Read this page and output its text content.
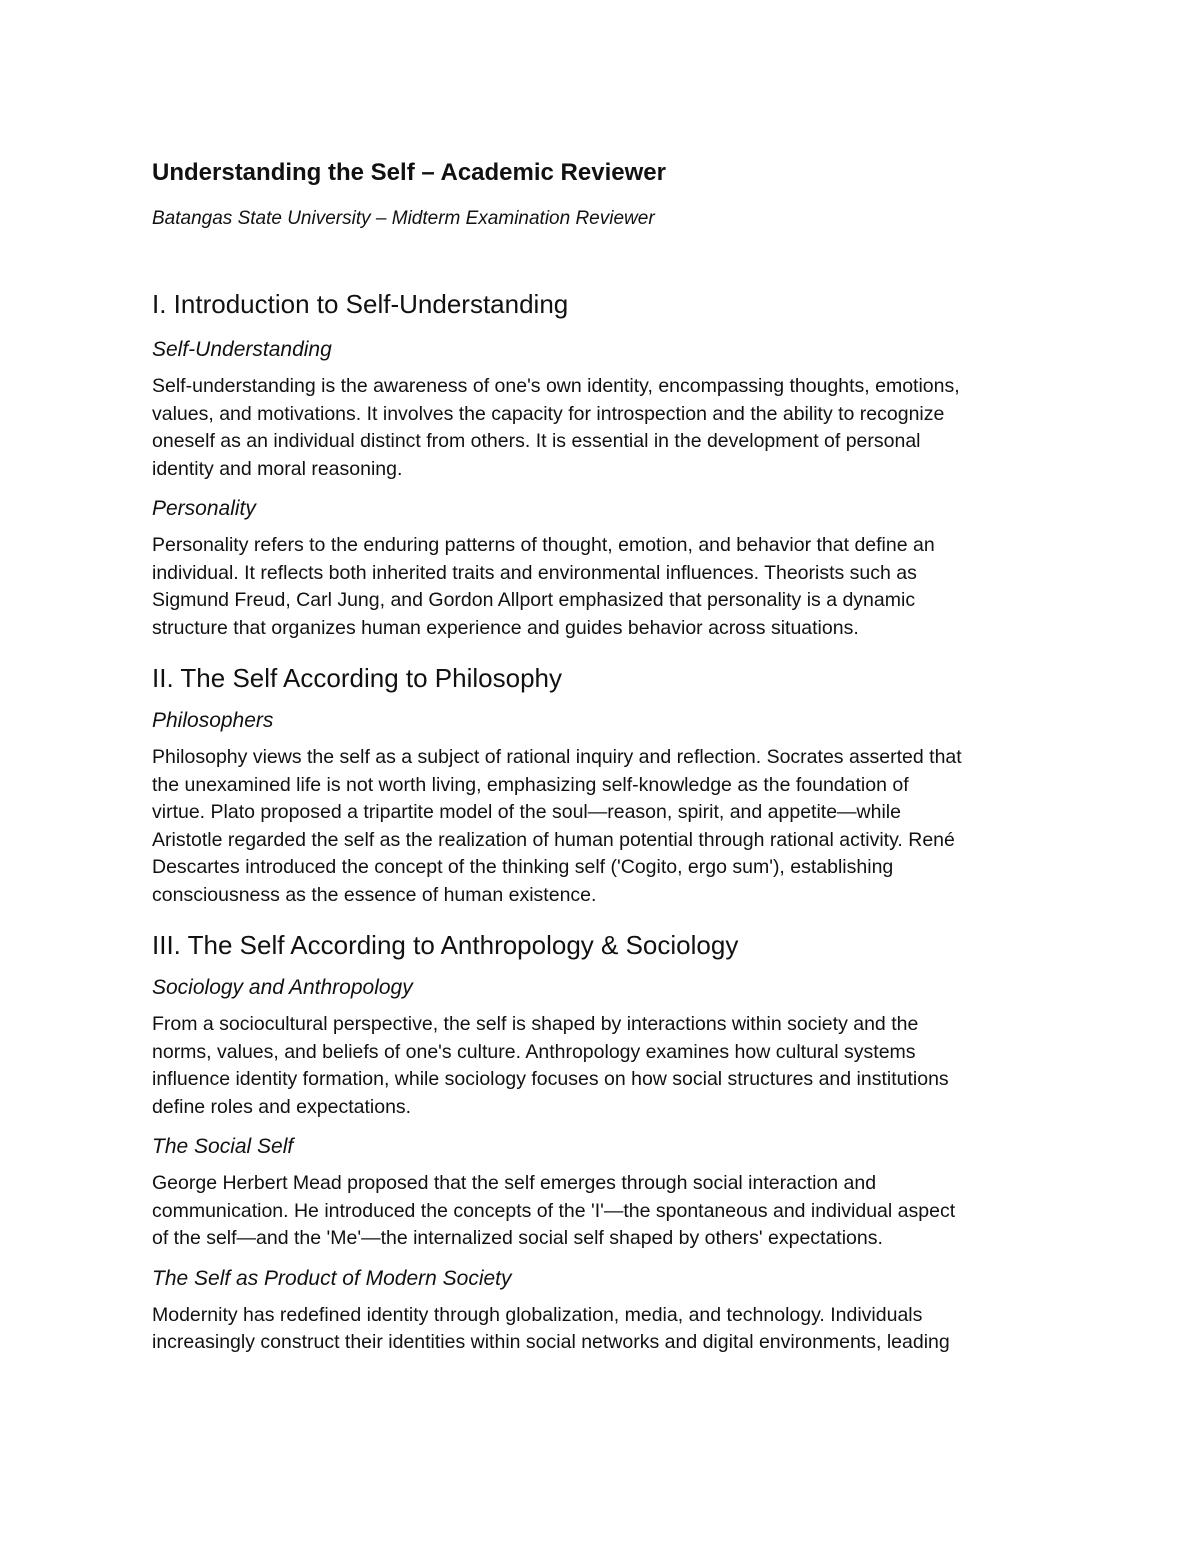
Understanding the Self – Academic Reviewer

Batangas State University – Midterm Examination Reviewer

I. Introduction to Self-Understanding
Self-Understanding
Self-understanding is the awareness of one's own identity, encompassing thoughts, emotions,
values, and motivations. It involves the capacity for introspection and the ability to recognize
oneself as an individual distinct from others. It is essential in the development of personal
identity and moral reasoning.
Personality
Personality refers to the enduring patterns of thought, emotion, and behavior that define an
individual. It reflects both inherited traits and environmental influences. Theorists such as
Sigmund Freud, Carl Jung, and Gordon Allport emphasized that personality is a dynamic
structure that organizes human experience and guides behavior across situations.
II. The Self According to Philosophy
Philosophers
Philosophy views the self as a subject of rational inquiry and reflection. Socrates asserted that
the unexamined life is not worth living, emphasizing self-knowledge as the foundation of
virtue. Plato proposed a tripartite model of the soul—reason, spirit, and appetite—while
Aristotle regarded the self as the realization of human potential through rational activity. René
Descartes introduced the concept of the thinking self ('Cogito, ergo sum'), establishing
consciousness as the essence of human existence.
III. The Self According to Anthropology & Sociology
Sociology and Anthropology
From a sociocultural perspective, the self is shaped by interactions within society and the
norms, values, and beliefs of one's culture. Anthropology examines how cultural systems
influence identity formation, while sociology focuses on how social structures and institutions
define roles and expectations.
The Social Self
George Herbert Mead proposed that the self emerges through social interaction and
communication. He introduced the concepts of the 'I'—the spontaneous and individual aspect
of the self—and the 'Me'—the internalized social self shaped by others' expectations.
The Self as Product of Modern Society
Modernity has redefined identity through globalization, media, and technology. Individuals
increasingly construct their identities within social networks and digital environments, leading
